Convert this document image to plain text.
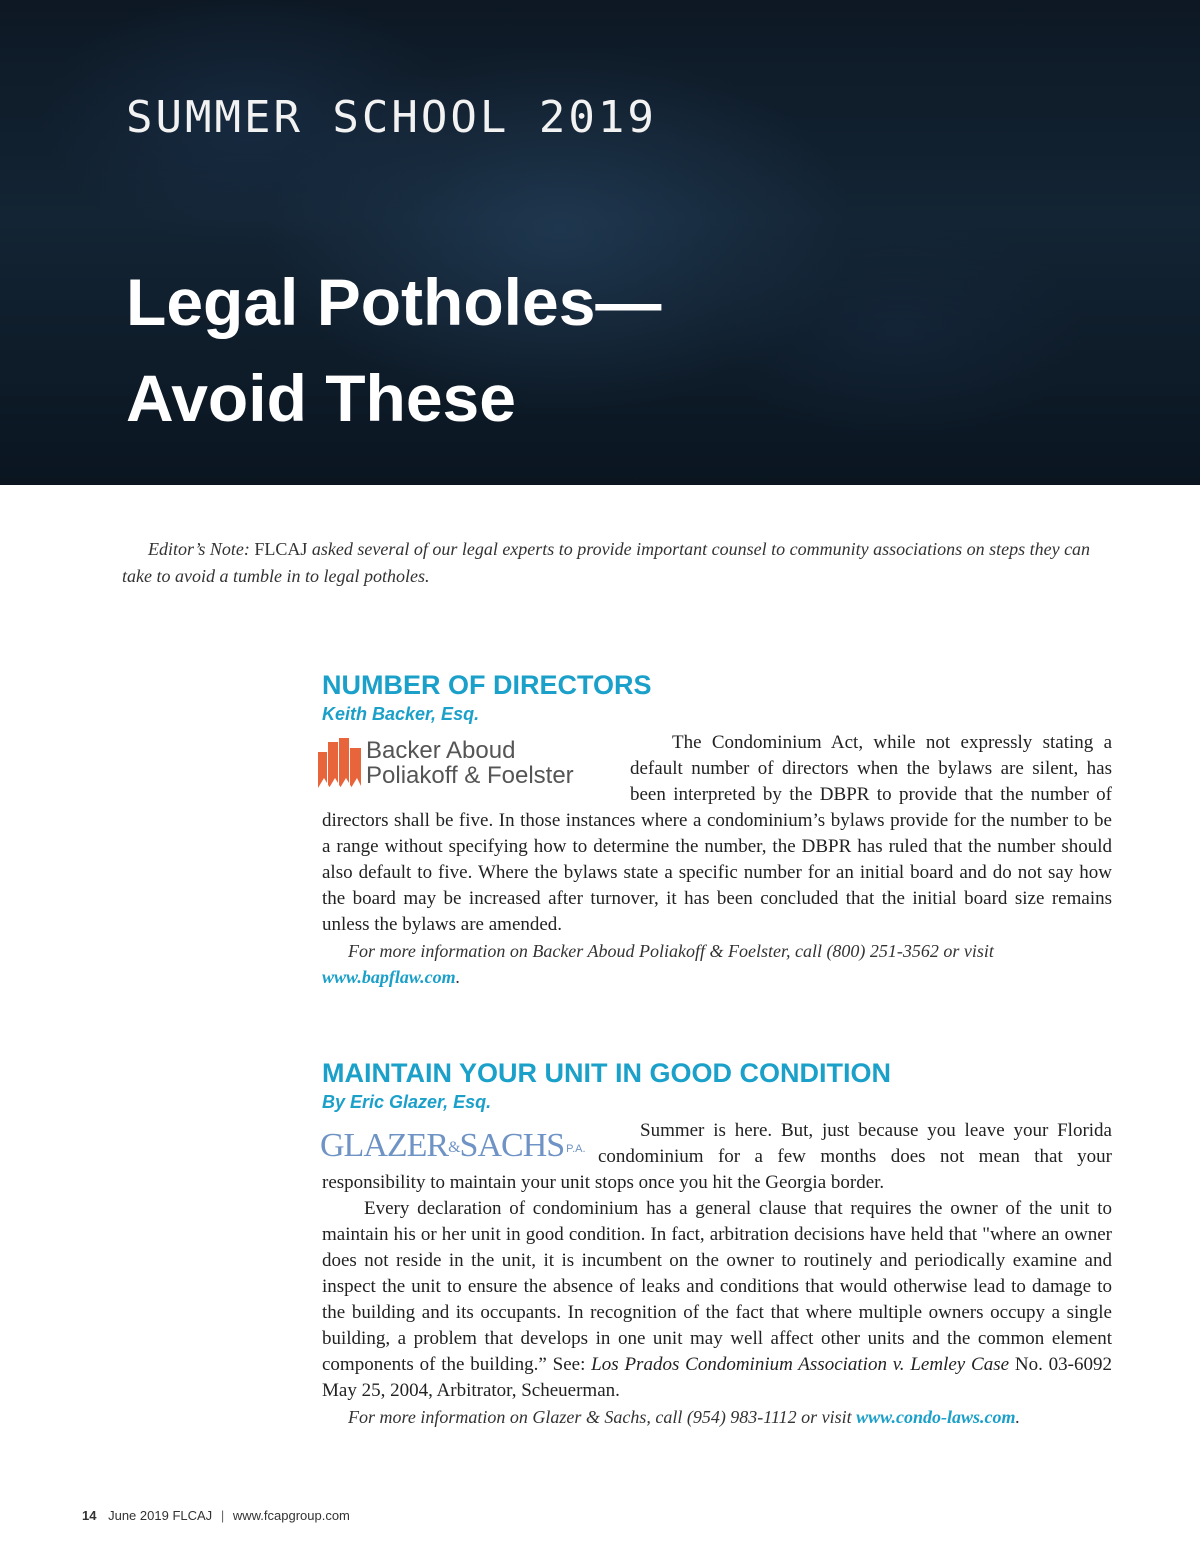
SUMMER SCHOOL 2019
Legal Potholes—
Avoid These

Editor’s Note: FLCAJ asked several of our legal experts to provide important counsel to community associations on steps they can take to avoid a tumble in to legal potholes.

NUMBER OF DIRECTORS
Keith Backer, Esq.
Backer Aboud
Poliakoff & Foelster

The Condominium Act, while not expressly stating a default number of directors when the bylaws are silent, has been interpreted by the DBPR to provide that the number of directors shall be five. In those instances where a condominium’s bylaws provide for the number to be a range without specifying how to determine the number, the DBPR has ruled that the number should also default to five. Where the bylaws state a specific number for an initial board and do not say how the board may be increased after turnover, it has been concluded that the initial board size remains unless the bylaws are amended.

For more information on Backer Aboud Poliakoff & Foelster, call (800) 251-3562 or visit www.bapflaw.com.

MAINTAIN YOUR UNIT IN GOOD CONDITION
By Eric Glazer, Esq.
GLAZER&SACHS P.A.

Summer is here. But, just because you leave your Florida condominium for a few months does not mean that your responsibility to maintain your unit stops once you hit the Georgia border.

Every declaration of condominium has a general clause that requires the owner of the unit to maintain his or her unit in good condition. In fact, arbitration decisions have held that "where an owner does not reside in the unit, it is incumbent on the owner to routinely and periodically examine and inspect the unit to ensure the absence of leaks and conditions that would otherwise lead to damage to the building and its occupants. In recognition of the fact that where multiple owners occupy a single building, a problem that develops in one unit may well affect other units and the common element components of the building.” See: Los Prados Condominium Association v. Lemley Case No. 03-6092 May 25, 2004, Arbitrator, Scheuerman.

For more information on Glazer & Sachs, call (954) 983-1112 or visit www.condo-laws.com.

14 June 2019 FLCAJ | www.fcapgroup.com
